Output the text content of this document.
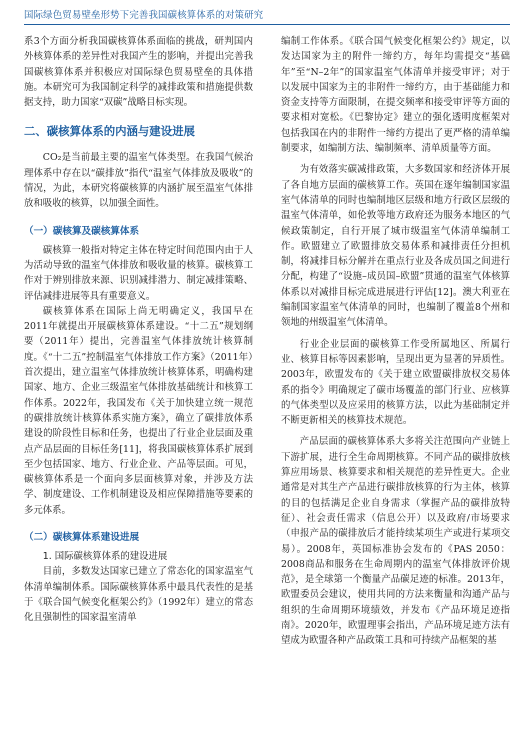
国际绿色贸易壁垒形势下完善我国碳核算体系的对策研究

系3个方面分析我国碳核算体系面临的挑战，研判国内外核算体系的差异性对我国产生的影响，并提出完善我国碳核算体系并积极应对国际绿色贸易壁垒的具体措施。本研究可为我国制定科学的减排政策和措施提供数据支持，助力国家“双碳”战略目标实现。

二、碳核算体系的内涵与建设进展

CO₂是当前最主要的温室气体类型。在我国气候治理体系中存在以“碳排放”指代“温室气体排放及吸收”的情况，为此，本研究将碳核算的内涵扩展至温室气体排放和吸收的核算，以加强全面性。

（一）碳核算及碳核算体系

碳核算一般指对特定主体在特定时间范围内由于人为活动导致的温室气体排放和吸收量的核算。碳核算工作对于辨别排放来源、识别减排潜力、制定减排策略、评估减排进展等具有重要意义。

碳核算体系在国际上尚无明确定义，我国早在2011年就提出开展碳核算体系建设。“十二五”规划纲要（2011年）提出，完善温室气体排放统计核算制度。《“十二五”控制温室气体排放工作方案》（2011年）首次提出，建立温室气体排放统计核算体系，明确构建国家、地方、企业三级温室气体排放基础统计和核算工作体系。2022年，我国发布《关于加快建立统一规范的碳排放统计核算体系实施方案》，确立了碳排放体系建设的阶段性目标和任务，也提出了行业企业层面及重点产品层面的目标任务[11]，将我国碳核算体系扩展到至少包括国家、地方、行业企业、产品等层面。可见，碳核算体系是一个面向多层面核算对象，并涉及方法学、制度建设、工作机制建设及相应保障措施等要素的多元体系。

（二）碳核算体系建设进展

1. 国际碳核算体系的建设进展

目前，多数发达国家已建立了常态化的国家温室气体清单编制体系。国际碳核算体系中最具代表性的是基于《联合国气候变化框架公约》（1992年）建立的常态化且强制性的国家温室清单

编制工作体系。《联合国气候变化框架公约》规定，以发达国家为主的附件一缔约方，每年均需提交“基础年”至“N–2年”的国家温室气体清单并接受审评；对于以发展中国家为主的非附件一缔约方，由于基础能力和资金支持等方面限制，在提交频率和接受审评等方面的要求相对宽松。《巴黎协定》建立的强化透明度框架对包括我国在内的非附件一缔约方提出了更严格的清单编制要求，如编制方法、编制频率、清单质量等方面。

为有效落实碳减排政策，大多数国家和经济体开展了各自地方层面的碳核算工作。英国在逐年编制国家温室气体清单的同时也编制地区层级和地方行政区层级的温室气体清单，如伦敦等地方政府还为服务本地区的气候政策制定，自行开展了城市级温室气体清单编制工作。欧盟建立了欧盟排放交易体系和减排责任分担机制，将减排目标分解并在重点行业及各成员国之间进行分配，构建了“设施–成员国–欧盟”贯通的温室气体核算体系以对减排目标完成进展进行评估[12]。澳大利亚在编制国家温室气体清单的同时，也编制了覆盖8个州和领地的州级温室气体清单。

行业企业层面的碳核算工作受所属地区、所属行业、核算目标等因素影响，呈现出更为显著的异质性。2003年，欧盟发布的《关于建立欧盟碳排放权交易体系的指令》明确规定了碳市场覆盖的部门行业、应核算的气体类型以及应采用的核算方法，以此为基础制定并不断更新相关的核算技术规范。

产品层面的碳核算体系大多将关注范围向产业链上下游扩展，进行全生命周期核算。不同产品的碳排放核算应用场景、核算要求和相关规范的差异性更大。企业通常是对其生产产品进行碳排放核算的行为主体，核算的目的包括满足企业自身需求（掌握产品的碳排放特征）、社会责任需求（信息公开）以及政府/市场要求（申报产品的碳排放后才能持续某项生产或进行某项交易）。2008年，英国标准协会发布的《PAS 2050：2008商品和服务在生命周期内的温室气体排放评价规范》，是全球第一个衡量产品碳足迹的标准。2013年，欧盟委员会建议，使用共同的方法来衡量和沟通产品与组织的生命周期环境绩效，并发布《产品环境足迹指南》。2020年，欧盟理事会指出，产品环境足迹方法有望成为欧盟各种产品政策工具和可持续产品框架的基
